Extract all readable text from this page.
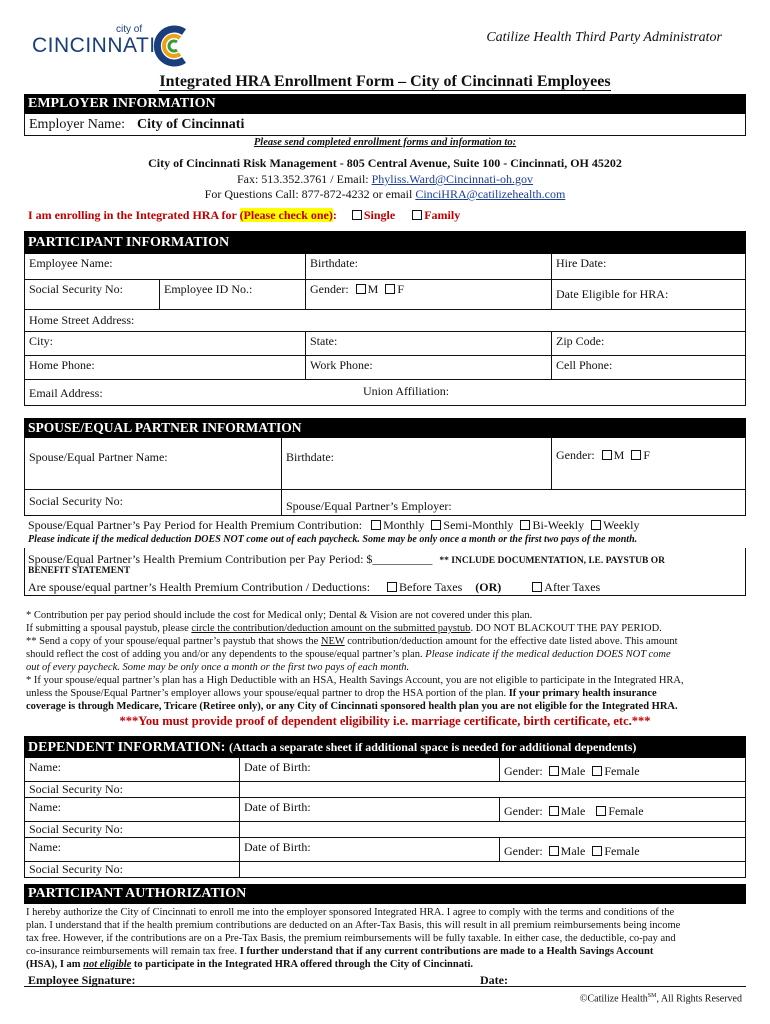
city of
CINCINNATI	Catilize Health Third Party Administrator
Integrated HRA Enrollment Form – City of Cincinnati Employees
EMPLOYER INFORMATION
Employer Name: City of Cincinnati
Please send completed enrollment forms and information to:
City of Cincinnati Risk Management - 805 Central Avenue, Suite 100 - Cincinnati, OH 45202
Fax: 513.352.3761 / Email: Phyliss.Ward@Cincinnati-oh.gov
For Questions Call: 877-872-4232 or email CinciHRA@catilizehealth.com
I am enrolling in the Integrated HRA for (Please check one): Single Family
PARTICIPANT INFORMATION
Employee Name:	Birthdate:	Hire Date:
Social Security No:	Employee ID No.:	Gender: M F	Date Eligible for HRA:
Home Street Address:
City:	State:	Zip Code:
Home Phone:	Work Phone:	Cell Phone:
Email Address:	Union Affiliation:
SPOUSE/EQUAL PARTNER INFORMATION
Spouse/Equal Partner Name:	Birthdate:	Gender: M F
Social Security No:	Spouse/Equal Partner’s Employer:
Spouse/Equal Partner’s Pay Period for Health Premium Contribution: Monthly Semi-Monthly Bi-Weekly Weekly
Please indicate if the medical deduction DOES NOT come out of each paycheck. Some may be only once a month or the first two pays of the month.
Spouse/Equal Partner’s Health Premium Contribution per Pay Period: $__________ ** INCLUDE DOCUMENTATION, I.E. PAYSTUB OR
BENEFIT STATEMENT
Are spouse/equal partner’s Health Premium Contribution / Deductions: Before Taxes (OR)	After Taxes
* Contribution per pay period should include the cost for Medical only; Dental & Vision are not covered under this plan.
If submitting a spousal paystub, please circle the contribution/deduction amount on the submitted paystub. DO NOT BLACKOUT THE PAY PERIOD.
** Send a copy of your spouse/equal partner’s paystub that shows the NEW contribution/deduction amount for the effective date listed above. This amount
should reflect the cost of adding you and/or any dependents to the spouse/equal partner’s plan. Please indicate if the medical deduction DOES NOT come
out of every paycheck. Some may be only once a month or the first two pays of each month.
* If your spouse/equal partner’s plan has a High Deductible with an HSA, Health Savings Account, you are not eligible to participate in the Integrated HRA,
unless the Spouse/Equal Partner’s employer allows your spouse/equal partner to drop the HSA portion of the plan. If your primary health insurance
coverage is through Medicare, Tricare (Retiree only), or any City of Cincinnati sponsored health plan you are not eligible for the Integrated HRA.
***You must provide proof of dependent eligibility i.e. marriage certificate, birth certificate, etc.***
DEPENDENT INFORMATION: (Attach a separate sheet if additional space is needed for additional dependents)
Name:	Date of Birth:	Gender: Male Female
Social Security No:
Name:	Date of Birth:	Gender: Male Female
Social Security No:
Name:	Date of Birth:	Gender: Male Female
Social Security No:
PARTICIPANT AUTHORIZATION
I hereby authorize the City of Cincinnati to enroll me into the employer sponsored Integrated HRA. I agree to comply with the terms and conditions of the
plan. I understand that if the health premium contributions are deducted on an After-Tax Basis, this will result in all premium reimbursements being income
tax free. However, if the contributions are on a Pre-Tax Basis, the premium reimbursements will be fully taxable. In either case, the deductible, co-pay and
co-insurance reimbursements will remain tax free. I further understand that if any current contributions are made to a Health Savings Account
(HSA), I am not eligible to participate in the Integrated HRA offered through the City of Cincinnati.
Employee Signature:	Date:
©Catilize Health℠, All Rights Reserved
